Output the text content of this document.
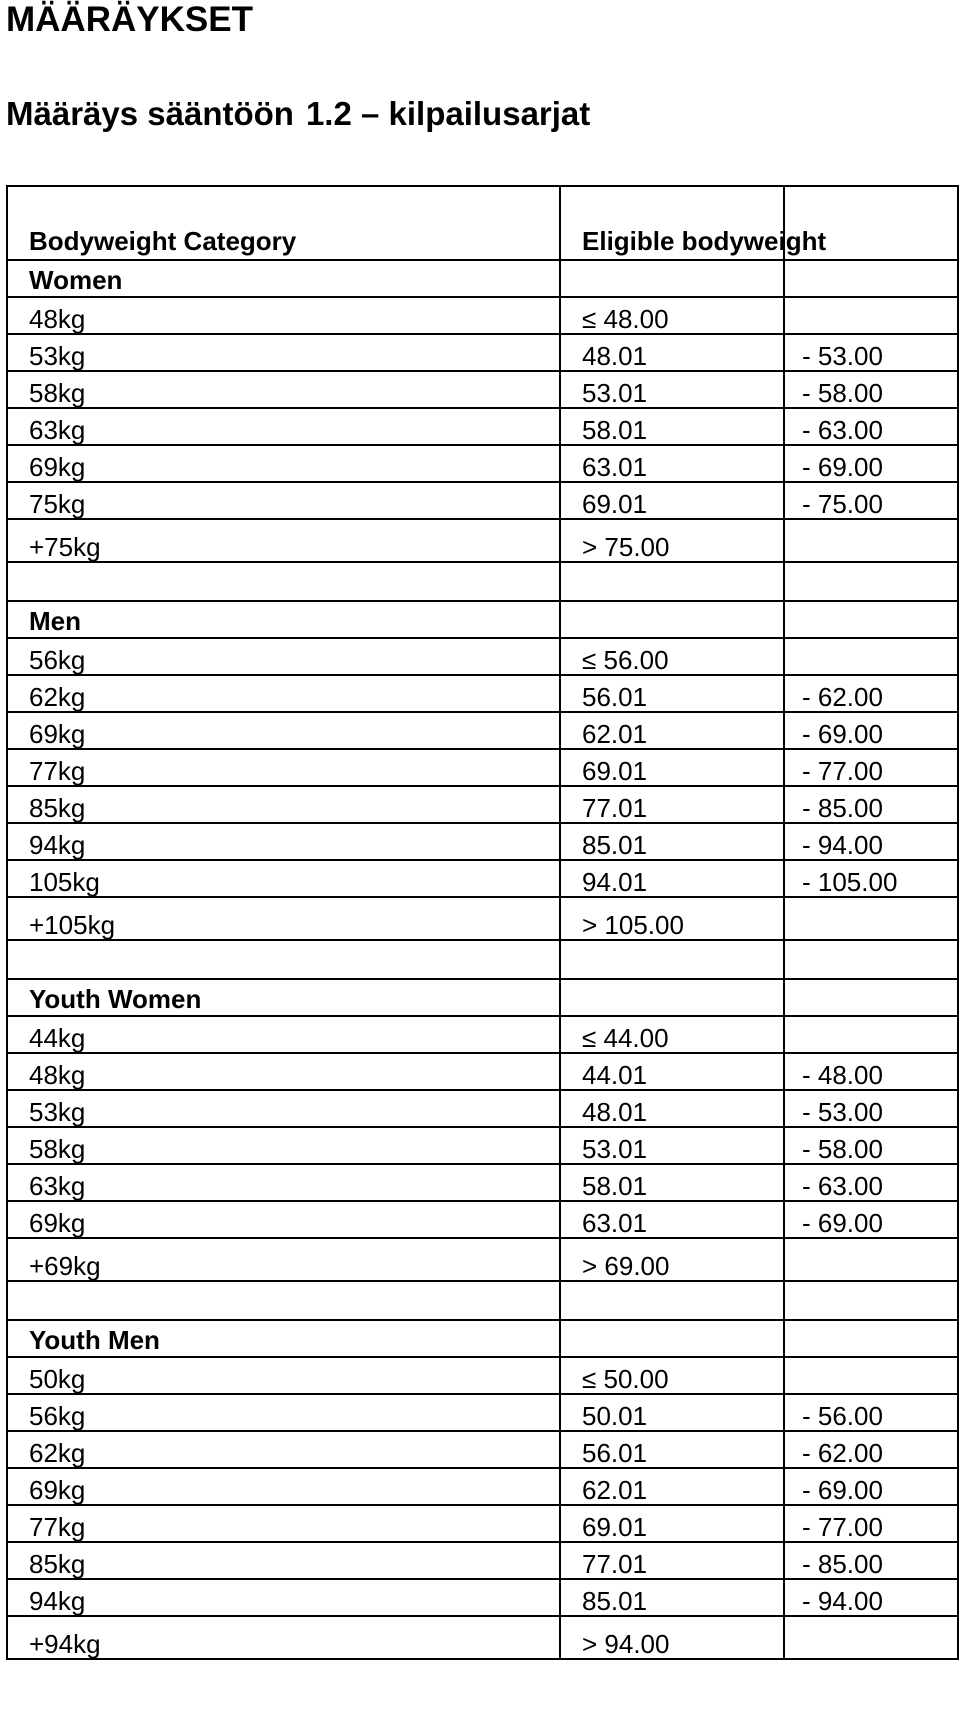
MÄÄRÄYKSET
Määräys sääntöön 1.2 – kilpailusarjat
Bodyweight Category	Eligible bodyweight	
Women		
48kg	≤ 48.00	
53kg	48.01	- 53.00
58kg	53.01	- 58.00
63kg	58.01	- 63.00
69kg	63.01	- 69.00
75kg	69.01	- 75.00
+75kg	> 75.00	

Men		
56kg	≤ 56.00	
62kg	56.01	- 62.00
69kg	62.01	- 69.00
77kg	69.01	- 77.00
85kg	77.01	- 85.00
94kg	85.01	- 94.00
105kg	94.01	- 105.00
+105kg	> 105.00	

Youth Women		
44kg	≤ 44.00	
48kg	44.01	- 48.00
53kg	48.01	- 53.00
58kg	53.01	- 58.00
63kg	58.01	- 63.00
69kg	63.01	- 69.00
+69kg	> 69.00	

Youth Men		
50kg	≤ 50.00	
56kg	50.01	- 56.00
62kg	56.01	- 62.00
69kg	62.01	- 69.00
77kg	69.01	- 77.00
85kg	77.01	- 85.00
94kg	85.01	- 94.00
+94kg	> 94.00	
